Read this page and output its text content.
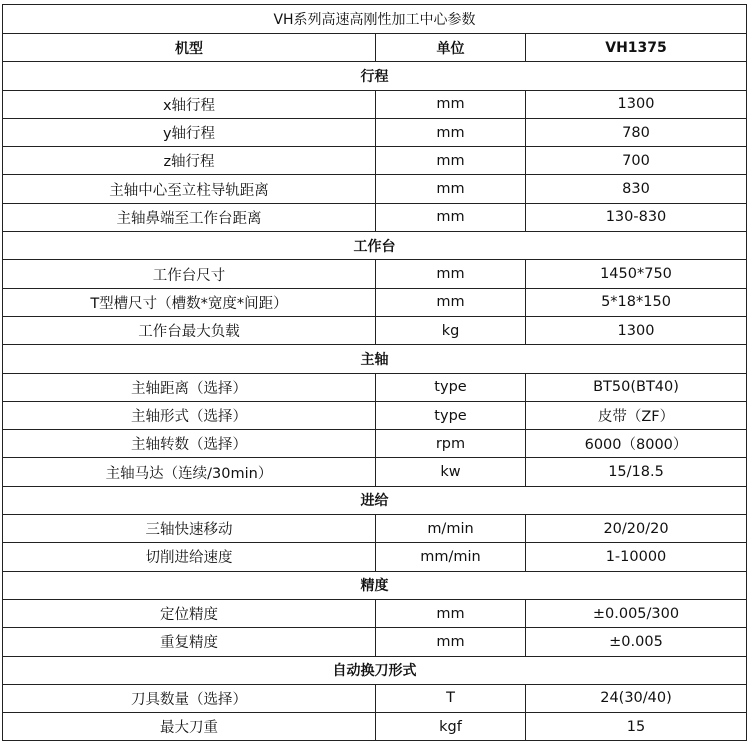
VH系列高速高刚性加工中心参数		
机型	单位	VH1375
行程		
x轴行程	mm	1300
y轴行程	mm	780
z轴行程	mm	700
主轴中心至立柱导轨距离	mm	830
主轴鼻端至工作台距离	mm	130-830
工作台		
工作台尺寸	mm	1450*750
T型槽尺寸（槽数*宽度*间距）	mm	5*18*150
工作台最大负载	kg	1300
主轴		
主轴距离（选择）	type	BT50(BT40)
主轴形式（选择）	type	皮带（ZF）
主轴转数（选择）	rpm	6000（8000）
主轴马达（连续/30min）	kw	15/18.5
进给		
三轴快速移动	m/min	20/20/20
切削进给速度	mm/min	1-10000
精度		
定位精度	mm	±0.005/300
重复精度	mm	±0.005
自动换刀形式		
刀具数量（选择）	T	24(30/40)
最大刀重	kgf	15
